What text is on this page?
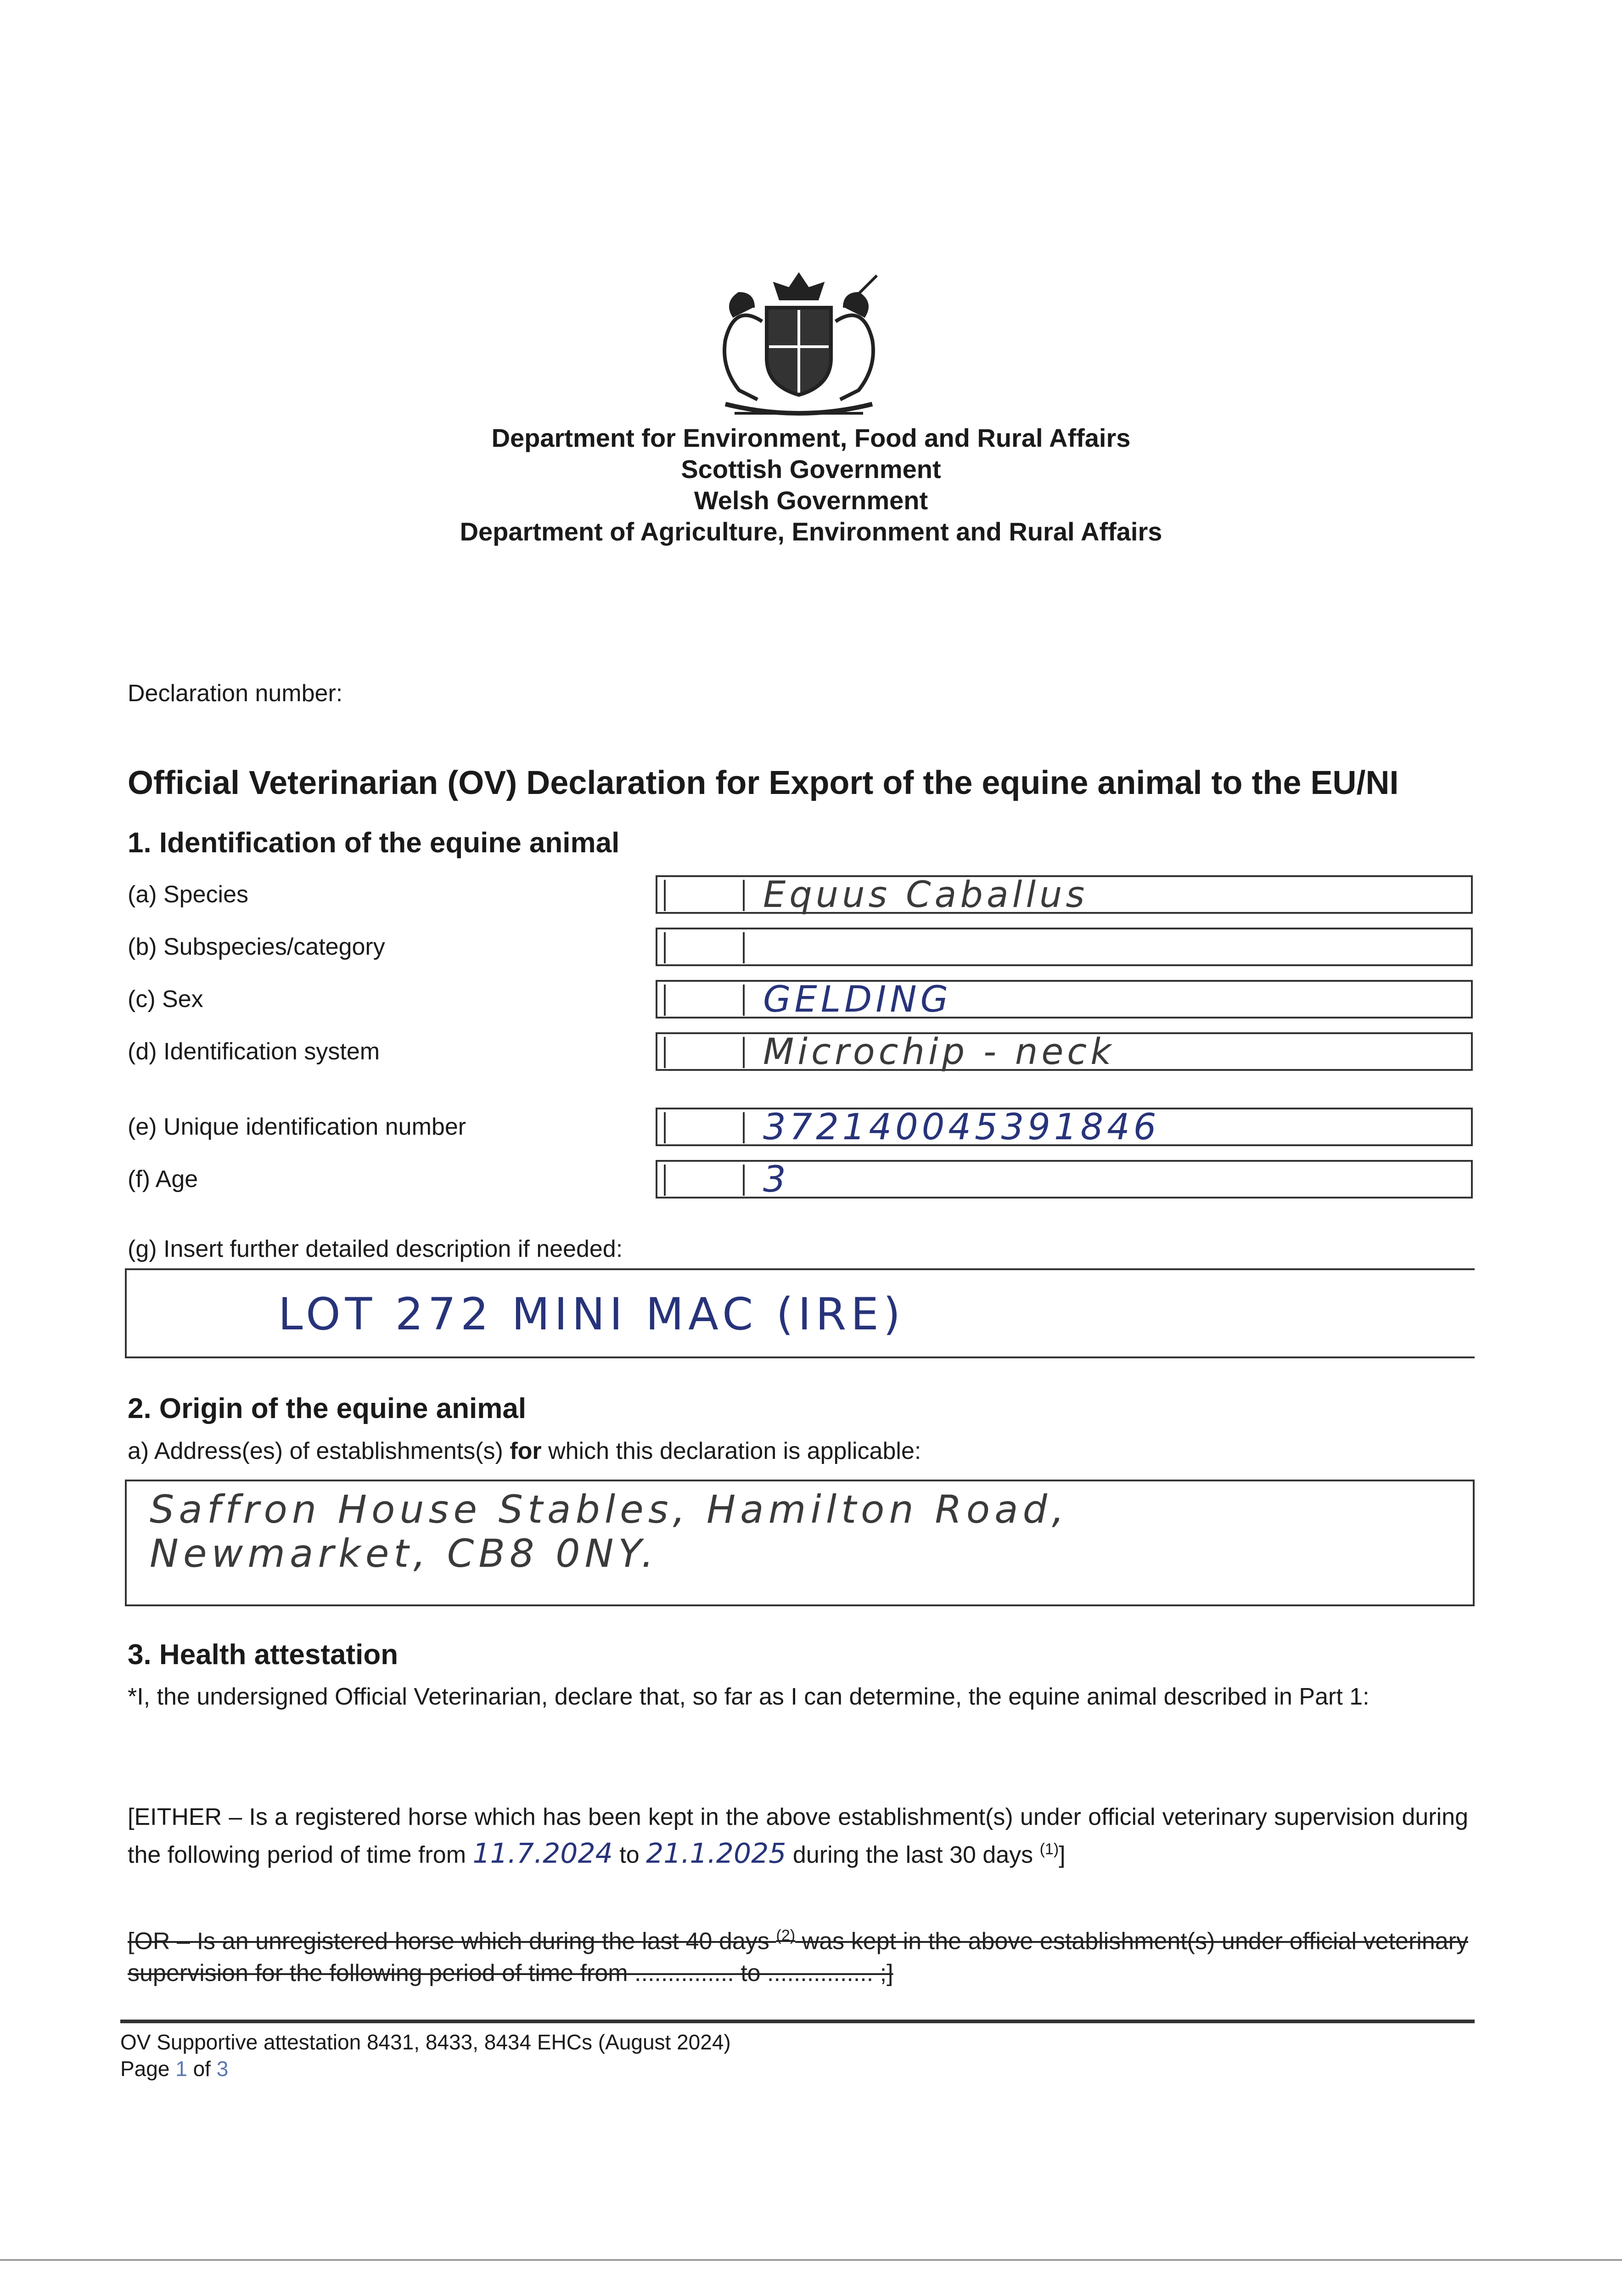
Department for Environment, Food and Rural Affairs
Scottish Government
Welsh Government
Department of Agriculture, Environment and Rural Affairs
Declaration number:
Official Veterinarian (OV) Declaration for Export of the equine animal to the EU/NI
1. Identification of the equine animal
(a) Species	Equus Caballus
(b) Subspecies/category
(c) Sex	GELDING
(d) Identification system	Microchip - neck
(e) Unique identification number	372140045391846
(f) Age	3
(g) Insert further detailed description if needed:
LOT 272 MINI MAC (IRE)
2. Origin of the equine animal
a) Address(es) of establishments(s) for which this declaration is applicable:
Saffron House Stables, Hamilton Road,
Newmarket, CB8 0NY.
3. Health attestation
*I, the undersigned Official Veterinarian, declare that, so far as I can determine, the equine animal described in Part 1:
[EITHER – Is a registered horse which has been kept in the above establishment(s) under official veterinary supervision during the following period of time from 11.7.2024 to 21.1.2025 during the last 30 days $^{(1)}$]
[OR – Is an unregistered horse which during the last 40 days $^{(2)}$ was kept in the above establishment(s) under official veterinary supervision for the following period of time from ............... to ................ ;]
OV Supportive attestation 8431, 8433, 8434 EHCs (August 2024)
Page 1 of 3
